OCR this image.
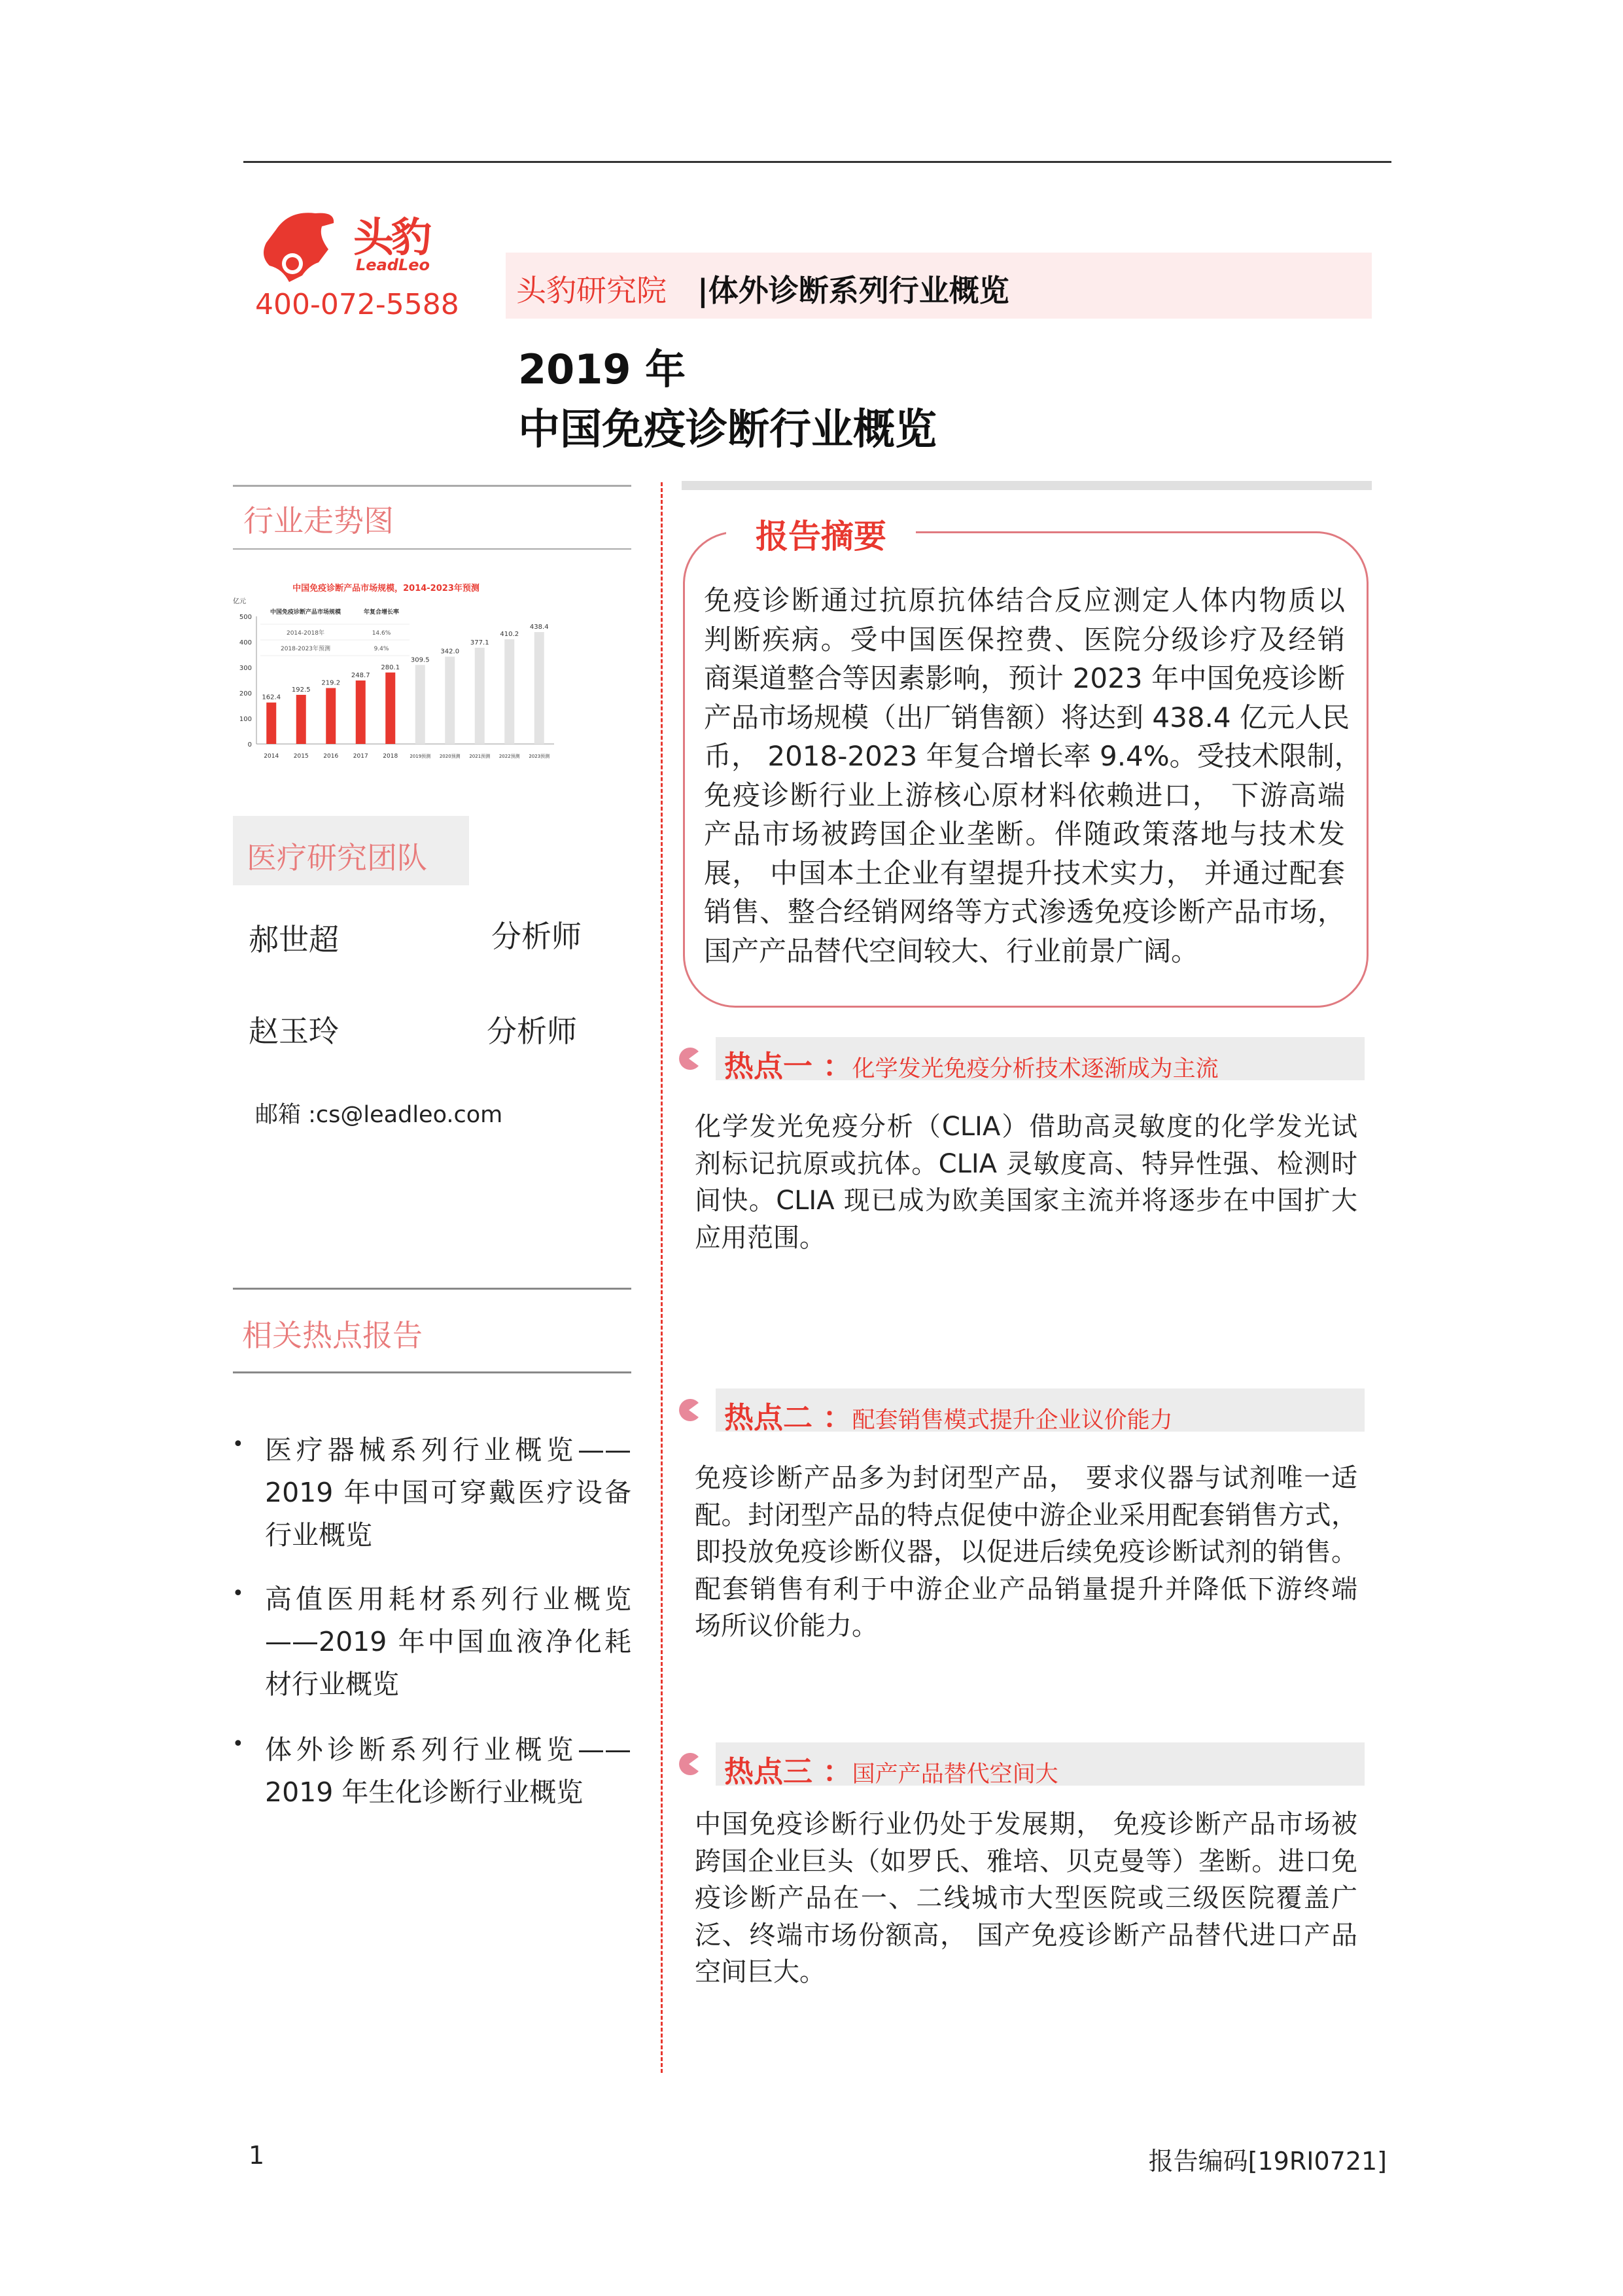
头豹
LeadLeo
400-072-5588 头豹研究院 |体外诊断系列行业概览
2019 年
中国免疫诊断行业概览
行业走势图
中国免疫诊断产品市场规模，2014-2023年预测
亿元
0
100
200
300
400
500
162.4
2014
192.5
2015
219.2
2016
248.7
2017
280.1
2018
309.5
2019预测
342.0
2020预测
377.1
2021预测
410.2
2022预测
438.4
2023预测
中国免疫诊断产品市场规模	年复合增长率
2014-2018年	14.6%
2018-2023年预测	9.4%
医疗研究团队
郝世超	分析师
赵玉玲	分析师
邮箱 :cs@leadleo.com
相关热点报告
• 医疗器械系列行业概览——2019 年中国可穿戴医疗设备行业概览
• 高值医用耗材系列行业概览——2019 年中国血液净化耗材行业概览
• 体外诊断系列行业概览——2019 年生化诊断行业概览
报告摘要
免疫诊断通过抗原抗体结合反应测定人体内物质以
判断疾病。受中国医保控费、医院分级诊疗及经销
商渠道整合等因素影响，预计 2023 年中国免疫诊断
产品市场规模（出厂销售额）将达到 438.4 亿元人民
币， 2018-2023 年复合增长率 9.4%。受技术限制，
免疫诊断行业上游核心原材料依赖进口， 下游高端
产品市场被跨国企业垄断。伴随政策落地与技术发
展， 中国本土企业有望提升技术实力， 并通过配套
销售、整合经销网络等方式渗透免疫诊断产品市场，
国产产品替代空间较大、行业前景广阔。
热点一 ：化学发光免疫分析技术逐渐成为主流
化学发光免疫分析（CLIA）借助高灵敏度的化学发光试
剂标记抗原或抗体。CLIA 灵敏度高、特异性强、检测时
间快。CLIA 现已成为欧美国家主流并将逐步在中国扩大
应用范围。
热点二 ：配套销售模式提升企业议价能力
免疫诊断产品多为封闭型产品， 要求仪器与试剂唯一适
配。封闭型产品的特点促使中游企业采用配套销售方式，
即投放免疫诊断仪器，以促进后续免疫诊断试剂的销售。
配套销售有利于中游企业产品销量提升并降低下游终端
场所议价能力。
热点三 ：国产产品替代空间大
中国免疫诊断行业仍处于发展期， 免疫诊断产品市场被
跨国企业巨头（如罗氏、雅培、贝克曼等）垄断。进口免
疫诊断产品在一、二线城市大型医院或三级医院覆盖广
泛、终端市场份额高， 国产免疫诊断产品替代进口产品
空间巨大。
1	报告编码[19RI0721]
